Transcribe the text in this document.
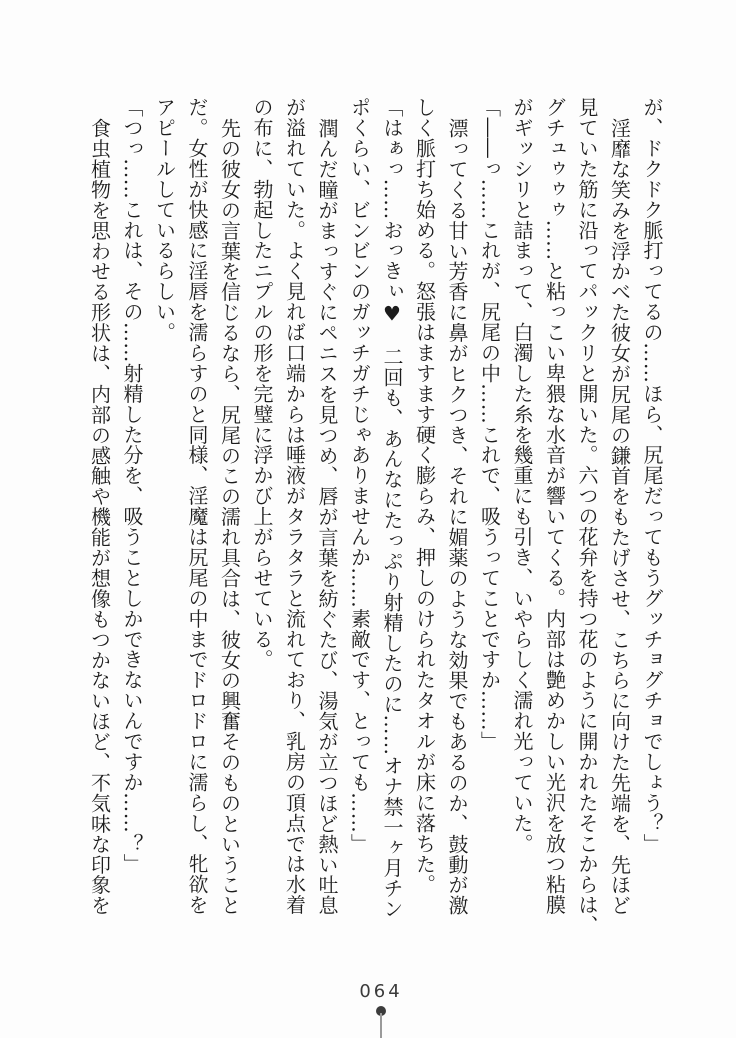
が、ドクドク脈打ってるの……ほら、尻尾だってもうグッチョグチョでしょう？」
淫靡な笑みを浮かべた彼女が尻尾の鎌首をもたげさせ、こちらに向けた先端を、先ほど
見ていた筋に沿ってパックリと開いた。六つの花弁を持つ花のように開かれたそこからは、
グチュゥゥゥ……と粘っこい卑猥な水音が響いてくる。内部は艶めかしい光沢を放つ粘膜
がギッシリと詰まって、白濁した糸を幾重にも引き、いやらしく濡れ光っていた。
「――っ……これが、尻尾の中……これで、吸うってことですか……」
漂ってくる甘い芳香に鼻がヒクつき、それに媚薬のような効果でもあるのか、鼓動が激
しく脈打ち始める。怒張はますます硬く膨らみ、押しのけられたタオルが床に落ちた。
「はぁっ……おっきぃ♥　二回も、あんなにたっぷり射精したのに……オナ禁一ヶ月チン
ポくらい、ビンビンのガッチガチじゃありませんか……素敵です、とっても……」
潤んだ瞳がまっすぐにペニスを見つめ、唇が言葉を紡ぐたび、湯気が立つほど熱い吐息
が溢れていた。よく見れば口端からは唾液がタラタラと流れており、乳房の頂点では水着
の布に、勃起したニプルの形を完璧に浮かび上がらせている。
先の彼女の言葉を信じるなら、尻尾のこの濡れ具合は、彼女の興奮そのものということ
だ。女性が快感に淫唇を濡らすのと同様、淫魔は尻尾の中までドロドロに濡らし、牝欲を
アピールしているらしい。
「つっ……これは、その……射精した分を、吸うことしかできないんですか……？」
食虫植物を思わせる形状は、内部の感触や機能が想像もつかないほど、不気味な印象を
064
